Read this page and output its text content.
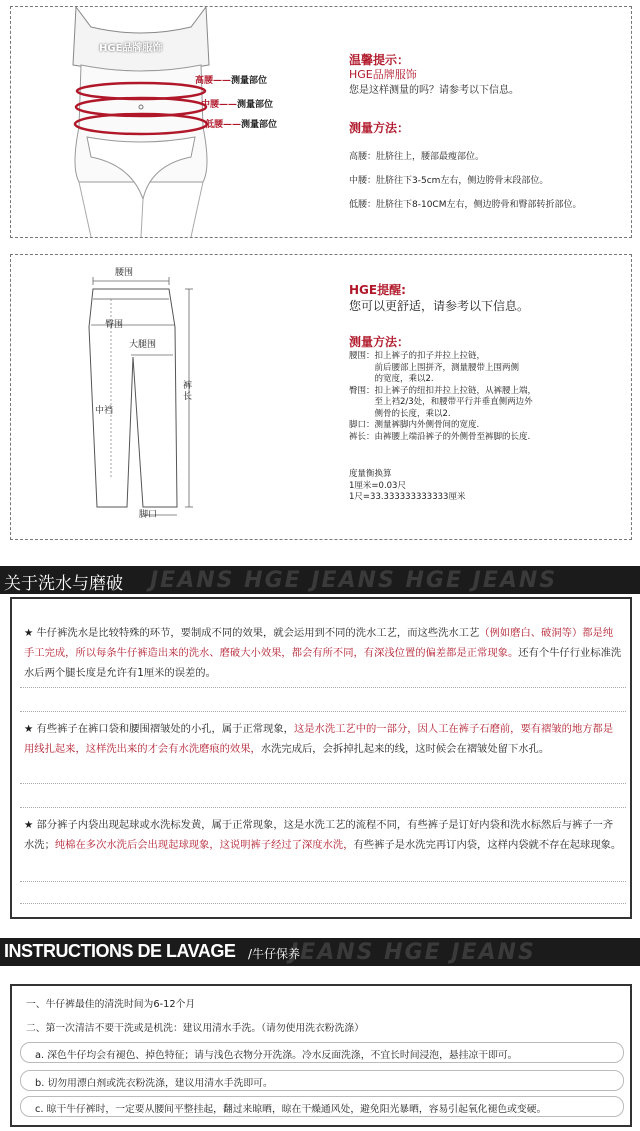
HGE品牌服饰
高腰——测量部位
中腰——测量部位
低腰——测量部位
温馨提示：
HGE品牌服饰
您是这样测量的吗？请参考以下信息。
测量方法：
高腰：肚脐往上，腰部最瘦部位。
中腰：肚脐往下3-5cm左右，侧边胯骨末段部位。
低腰：肚脐往下8-10CM左右，侧边胯骨和臀部转折部位。
腰围
臀围
大腿围
中裆
裤长
脚口
HGE提醒:
您可以更舒适，请参考以下信息。
测量方法：
腰围：扣上裤子的扣子并拉上拉链，
　　　前后腰部上围拼齐，测量腰带上围两侧
　　　的宽度，乘以2.
臀围：扣上裤子的纽扣并拉上拉链，从裤腰上端，
　　　至上裆2/3处，和腰带平行并垂直侧两边外
　　　侧骨的长度，乘以2.
脚口：测量裤脚内外侧骨间的宽度.
裤长：由裤腰上端沿裤子的外侧骨至裤脚的长度.
度量衡换算
1厘米=0.03尺
1尺=33.333333333333厘米
JEANS HGE JEANS HGE JEANS
关于洗水与磨破
★ 牛仔裤洗水是比较特殊的环节，要制成不同的效果，就会运用到不同的洗水工艺，而这些洗水工艺（例如磨白、破洞等）都是纯手工完成，所以每条牛仔裤造出来的洗水、磨破大小效果，都会有所不同，有深浅位置的偏差都是正常现象。还有个牛仔行业标准洗水后两个腿长度是允许有1厘米的误差的。
★ 有些裤子在裤口袋和腰围褶皱处的小孔，属于正常现象，这是水洗工艺中的一部分，因人工在裤子石磨前，要有褶皱的地方都是用线扎起来，这样洗出来的才会有水洗磨痕的效果，水洗完成后，会拆掉扎起来的线，这时候会在褶皱处留下水孔。
★ 部分裤子内袋出现起球或水洗标发黄，属于正常现象，这是水洗工艺的流程不同，有些裤子是订好内袋和洗水标然后与裤子一齐水洗；纯棉在多次水洗后会出现起球现象，这说明裤子经过了深度水洗，有些裤子是水洗完再订内袋，这样内袋就不存在起球现象。
JEANS HGE JEANS
INSTRUCTIONS DE LAVAGE /牛仔保养
一、牛仔裤最佳的清洗时间为6-12个月
二、第一次清洁不要干洗或是机洗：建议用清水手洗。（请勿使用洗衣粉洗涤）
a. 深色牛仔均会有褪色、掉色特征；请与浅色衣物分开洗涤。冷水反面洗涤，不宜长时间浸泡，悬挂凉干即可。
b. 切勿用漂白剂或洗衣粉洗涤，建议用清水手洗即可。
c. 晾干牛仔裤时，一定要从腰间平整挂起，翻过来晾晒，晾在干燥通风处，避免阳光暴晒，容易引起氧化褪色或变硬。
